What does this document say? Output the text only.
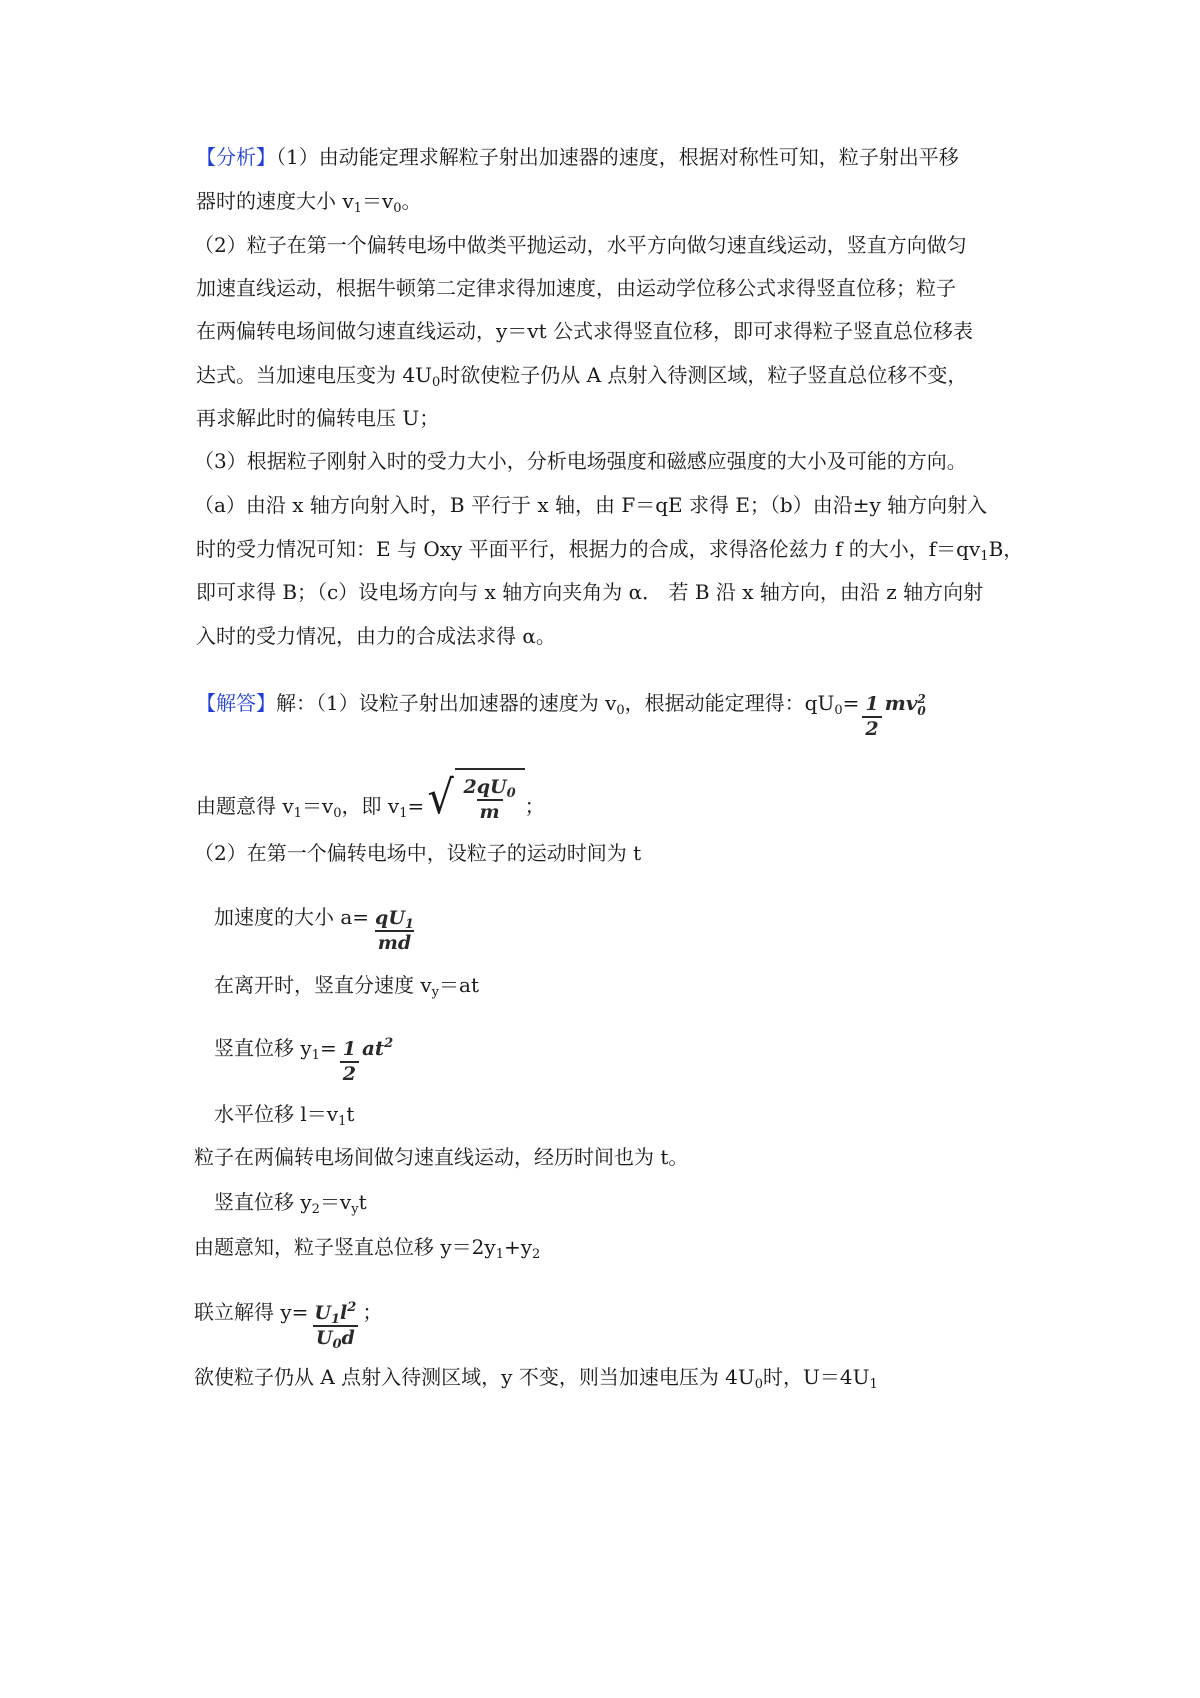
【分析】（1）由动能定理求解粒子射出加速器的速度，根据对称性可知，粒子射出平移
器时的速度大小 $v_1=v_0$。
（2）粒子在第一个偏转电场中做类平抛运动，水平方向做匀速直线运动，竖直方向做匀
加速直线运动，根据牛顿第二定律求得加速度，由运动学位移公式求得竖直位移；粒子
在两偏转电场间做匀速直线运动，y＝vt 公式求得竖直位移，即可求得粒子竖直总位移表
达式。当加速电压变为 $4U_0$时欲使粒子仍从 A 点射入待测区域，粒子竖直总位移不变，
再求解此时的偏转电压 U；
（3）根据粒子刚射入时的受力大小，分析电场强度和磁感应强度的大小及可能的方向。
（a）由沿 x 轴方向射入时，B 平行于 x 轴，由 F＝qE 求得 E；（b）由沿±y 轴方向射入
时的受力情况可知：E 与 Oxy 平面平行，根据力的合成，求得洛伦兹力 f 的大小，$f=qv_1B$，
即可求得 B；（c）设电场方向与 x 轴方向夹角为 α． 若 B 沿 x 轴方向，由沿 z 轴方向射
入时的受力情况，由力的合成法求得 α。
【解答】解：（1）设粒子射出加速器的速度为 $v_0$，根据动能定理得：$qU_0= \frac{1}{2}$ mv 2
0
由题意得 $v_1=v_0$，即 $v_1=$ √ $\frac{2qU_0}{m}$ ；
（2）在第一个偏转电场中，设粒子的运动时间为 t
加速度的大小 $a= \frac{qU_1}{md}$
在离开时，竖直分速度 $v_y=at$
竖直位移 $y_1= \frac{1}{2} at^2$
水平位移 $l=v_1t$
粒子在两偏转电场间做匀速直线运动，经历时间也为 t。
竖直位移 $y_2=v_yt$
由题意知，粒子竖直总位移 $y=2y_1+y_2$
联立解得 $y= \frac{U_1l^2}{U_0d}$ ；
欲使粒子仍从 A 点射入待测区域，y 不变，则当加速电压为 $4U_0$时，$U=4U_1$
